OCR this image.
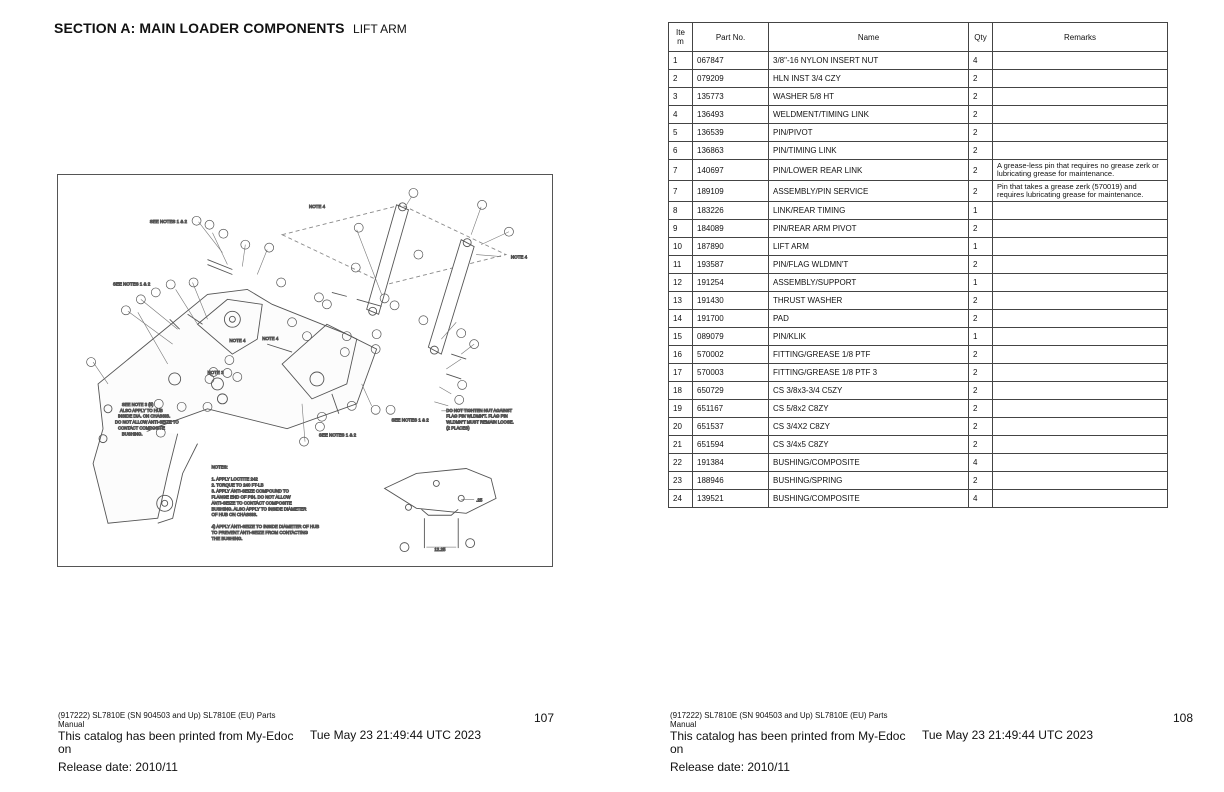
SECTION A: MAIN LOADER COMPONENTS LIFT ARM
SEE NOTES 1 & 2
SEE NOTES 1 & 2
SEE NOTES 1 & 2
SEE NOTES 1 & 2
NOTE 4
NOTE 4
NOTE 4	NOTE 4
NOTE 3
SEE NOTE 3 (5)
ALSO APPLY TO HUB
INSIDE DIA. ON CHASSIS.
DO NOT ALLOW ANTI-SEIZE TO
CONTACT COMPOSITE
BUSHING.
DO NOT TIGHTEN NUT AGAINST
FLAG PIN WLDMN'T. FLAG PIN
WLDMN'T MUST REMAIN LOOSE.
(2 PLACES)
NOTES:
1. APPLY LOCTITE 242
2. TORQUE TO 240 FT-LB
3. APPLY ANTI-SEIZE COMPOUND TO
FLANGE END OF PIN. DO NOT ALLOW
ANTI-SEIZE TO CONTACT COMPOSITE
BUSHING. ALSO APPLY TO INSIDE DIAMETER
OF HUB ON CHASSIS.
4) APPLY ANTI-SEIZE TO INSIDE DIAMETER OF HUB
TO PREVENT ANTI-SEIZE FROM CONTACTING
THE BUSHING.
.25
12.25
(917222) SL7810E (SN 904503 and Up) SL7810E (EU) Parts Manual	107
This catalog has been printed from My-Edoc on
Tue May 23 21:49:44 UTC 2023
Release date: 2010/11
Ite m	Part No.	Name	Qty	Remarks
1	067847	3/8"-16 NYLON INSERT NUT	4	
2	079209	HLN INST 3/4 CZY	2	
3	135773	WASHER 5/8 HT	2	
4	136493	WELDMENT/TIMING LINK	2	
5	136539	PIN/PIVOT	2	
6	136863	PIN/TIMING LINK	2	
7	140697	PIN/LOWER REAR LINK	2	A grease-less pin that requires no grease zerk or lubricating grease for maintenance.
7	189109	ASSEMBLY/PIN SERVICE	2	Pin that takes a grease zerk (570019) and requires lubricating grease for maintenance.
8	183226	LINK/REAR TIMING	1	
9	184089	PIN/REAR ARM PIVOT	2	
10	187890	LIFT ARM	1	
11	193587	PIN/FLAG WLDMN'T	2	
12	191254	ASSEMBLY/SUPPORT	1	
13	191430	THRUST WASHER	2	
14	191700	PAD	2	
15	089079	PIN/KLIK	1	
16	570002	FITTING/GREASE 1/8 PTF	2	
17	570003	FITTING/GREASE 1/8 PTF 3	2	
18	650729	CS 3/8x3-3/4 C5ZY	2	
19	651167	CS 5/8x2 C8ZY	2	
20	651537	CS 3/4X2 C8ZY	2	
21	651594	CS 3/4x5 C8ZY	2	
22	191384	BUSHING/COMPOSITE	4	
23	188946	BUSHING/SPRING	2	
24	139521	BUSHING/COMPOSITE	4	
(917222) SL7810E (SN 904503 and Up) SL7810E (EU) Parts Manual	108
This catalog has been printed from My-Edoc on
Tue May 23 21:49:44 UTC 2023
Release date: 2010/11
